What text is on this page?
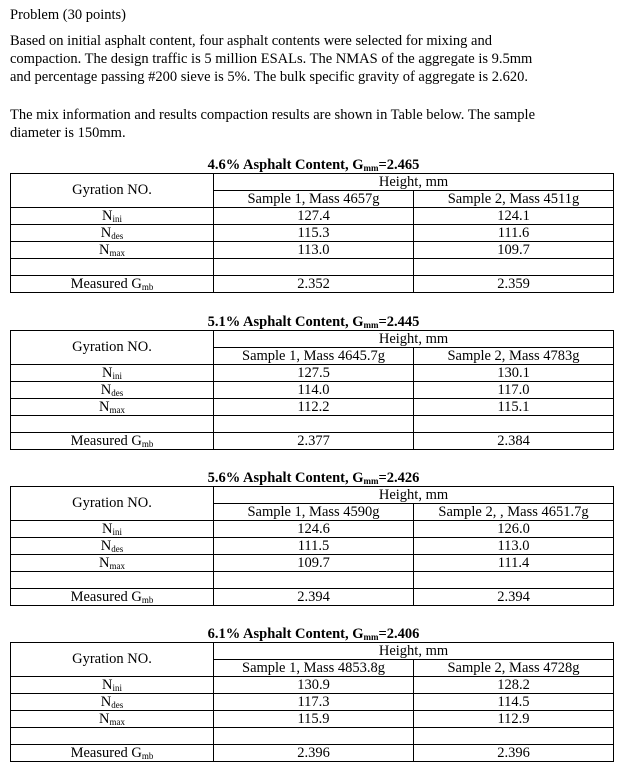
Problem (30 points)
Based on initial asphalt content, four asphalt contents were selected for mixing and
compaction. The design traffic is 5 million ESALs. The NMAS of the aggregate is 9.5mm
and percentage passing #200 sieve is 5%. The bulk specific gravity of aggregate is 2.620.
The mix information and results compaction results are shown in Table below. The sample
diameter is 150mm.
4.6% Asphalt Content, $G_{mm}=2.465$
Gyration NO.	Height, mm	
	Sample 1, Mass 4657g	Sample 2, Mass 4511g
$N_{ini}$	127.4	124.1
$N_{des}$	115.3	111.6
$N_{max}$	113.0	109.7

Measured $G_{mb}$	2.352	2.359
5.1% Asphalt Content, $G_{mm}=2.445$
Gyration NO.	Height, mm	
	Sample 1, Mass 4645.7g	Sample 2, Mass 4783g
$N_{ini}$	127.5	130.1
$N_{des}$	114.0	117.0
$N_{max}$	112.2	115.1

Measured $G_{mb}$	2.377	2.384
5.6% Asphalt Content, $G_{mm}=2.426$
Gyration NO.	Height, mm	
	Sample 1, Mass 4590g	Sample 2, , Mass 4651.7g
$N_{ini}$	124.6	126.0
$N_{des}$	111.5	113.0
$N_{max}$	109.7	111.4

Measured $G_{mb}$	2.394	2.394
6.1% Asphalt Content, $G_{mm}=2.406$
Gyration NO.	Height, mm	
	Sample 1, Mass 4853.8g	Sample 2, Mass 4728g
$N_{ini}$	130.9	128.2
$N_{des}$	117.3	114.5
$N_{max}$	115.9	112.9

Measured $G_{mb}$	2.396	2.396
